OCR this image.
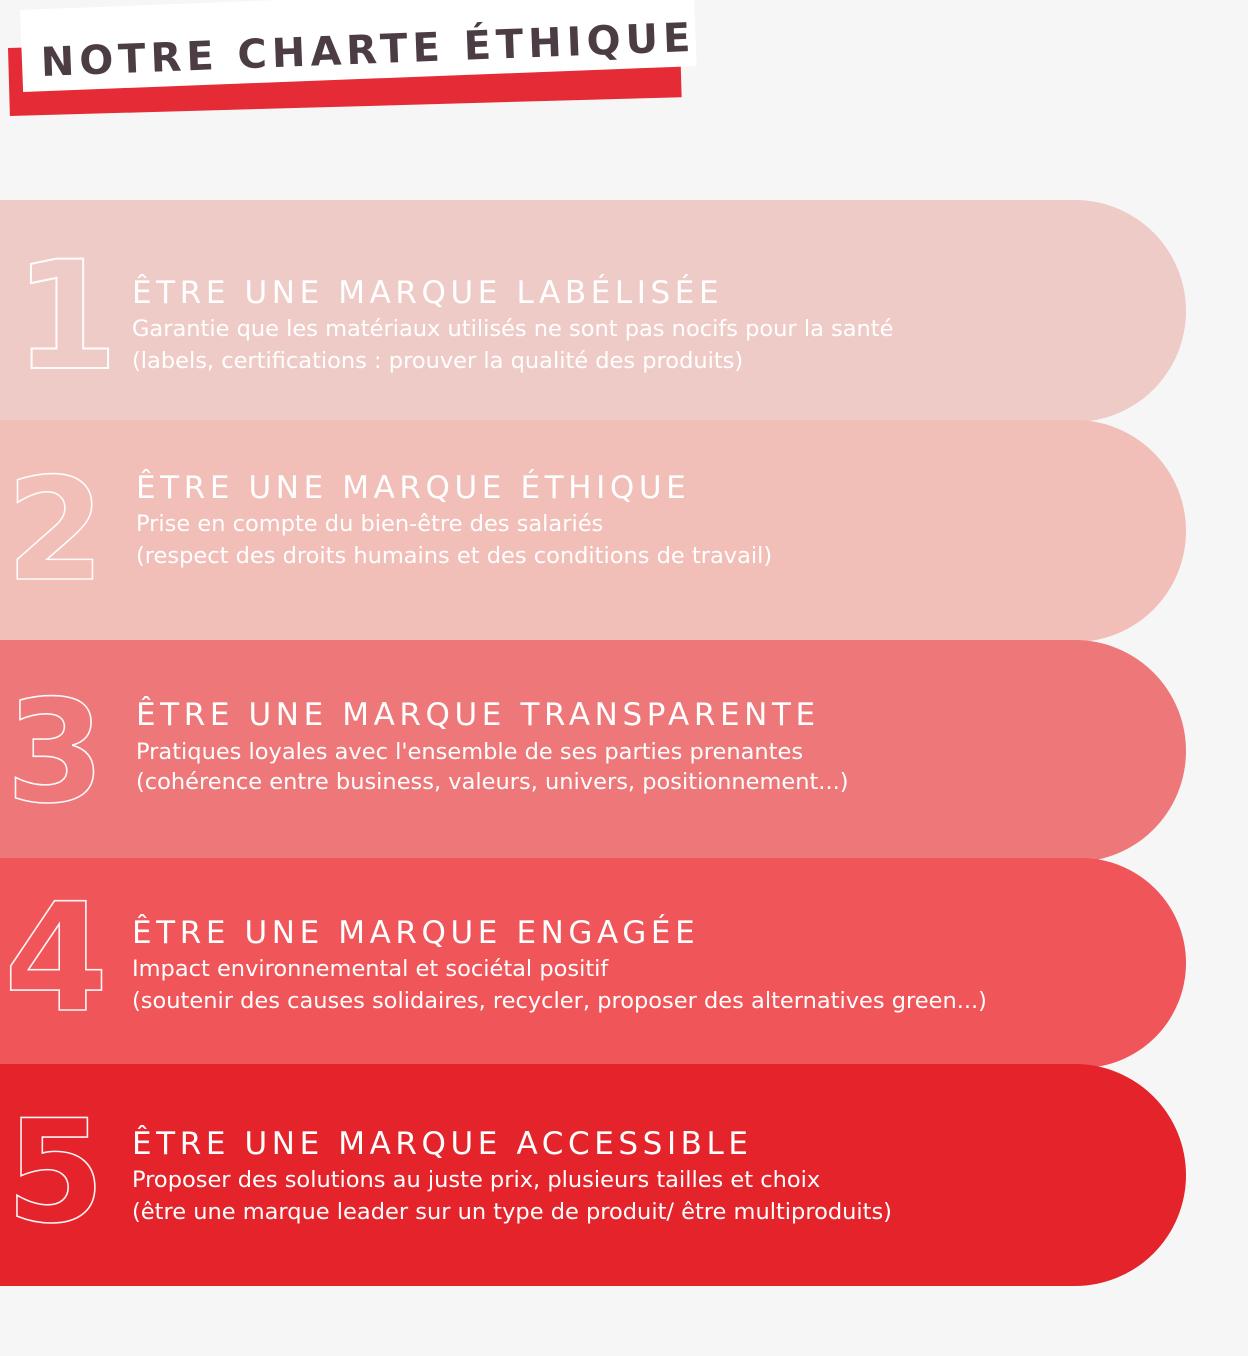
NOTRE CHARTE ÉTHIQUE
1 ÊTRE UNE MARQUE LABÉLISÉE

Garantie que les matériaux utilisés ne sont pas nocifs pour la santé

(labels, certifications : prouver la qualité des produits)

2 ÊTRE UNE MARQUE ÉTHIQUE

Prise en compte du bien-être des salariés

(respect des droits humains et des conditions de travail)

3 ÊTRE UNE MARQUE TRANSPARENTE

Pratiques loyales avec l'ensemble de ses parties prenantes

(cohérence entre business, valeurs, univers, positionnement...)

4 ÊTRE UNE MARQUE ENGAGÉE

Impact environnemental et sociétal positif

(soutenir des causes solidaires, recycler, proposer des alternatives green...)

5 ÊTRE UNE MARQUE ACCESSIBLE

Proposer des solutions au juste prix, plusieurs tailles et choix

(être une marque leader sur un type de produit/ être multiproduits)
